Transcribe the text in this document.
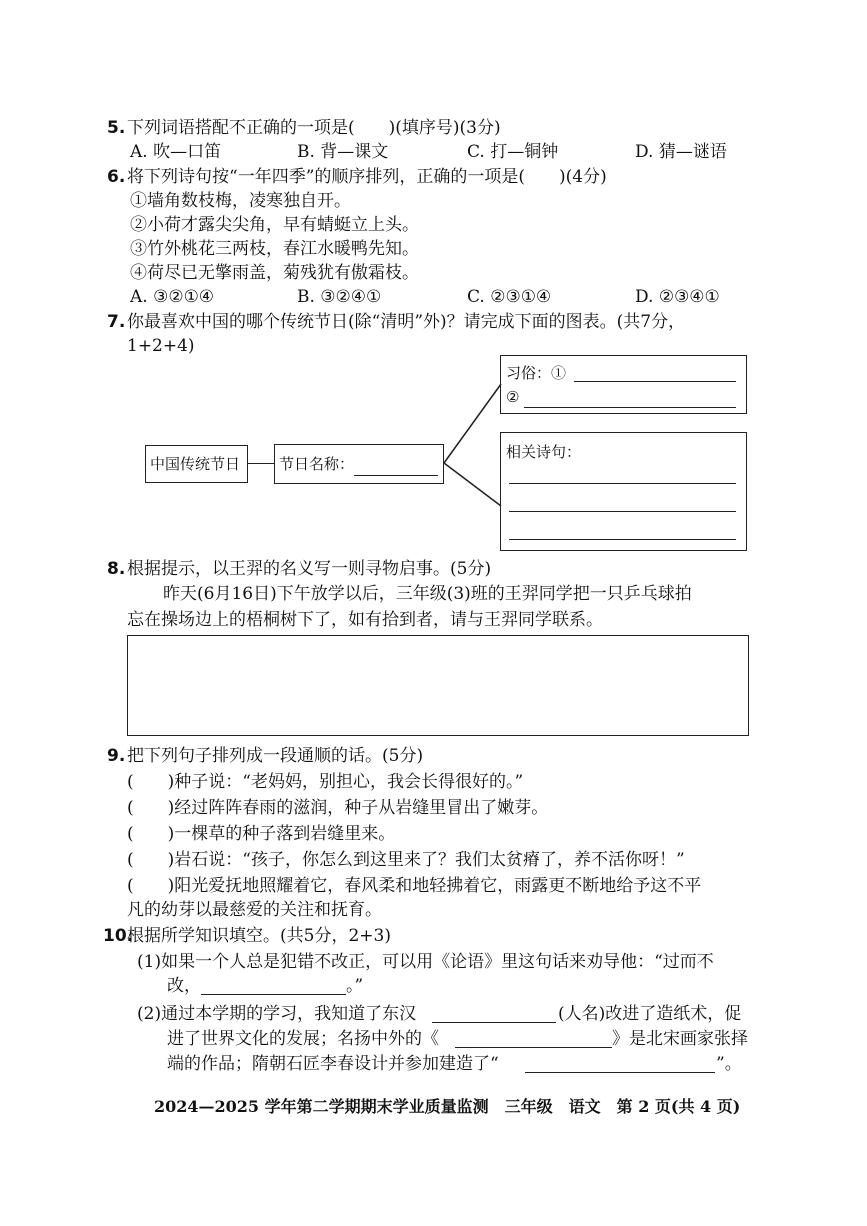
5. 下列词语搭配不正确的一项是(　　)(填序号)(3分)
A. 吹—口笛	B. 背—课文	C. 打—铜钟	D. 猜—谜语
6. 将下列诗句按“一年四季”的顺序排列，正确的一项是(　　)(4分)
①墙角数枝梅，凌寒独自开。
②小荷才露尖尖角，早有蜻蜓立上头。
③竹外桃花三两枝，春江水暖鸭先知。
④荷尽已无擎雨盖，菊残犹有傲霜枝。
A. ③②①④	B. ③②④①	C. ②③①④	D. ②③④①
7. 你最喜欢中国的哪个传统节日(除“清明”外)？请完成下面的图表。(共7分，
1+2+4)
中国传统节日	节日名称：
习俗：①
②
相关诗句：
8. 根据提示，以王羿的名义写一则寻物启事。(5分)
昨天(6月16日)下午放学以后，三年级(3)班的王羿同学把一只乒乓球拍
忘在操场边上的梧桐树下了，如有拾到者，请与王羿同学联系。
9. 把下列句子排列成一段通顺的话。(5分)
(　　)种子说：“老妈妈，别担心，我会长得很好的。”
(　　)经过阵阵春雨的滋润，种子从岩缝里冒出了嫩芽。
(　　)一棵草的种子落到岩缝里来。
(　　)岩石说：“孩子，你怎么到这里来了？我们太贫瘠了，养不活你呀！”
(　　)阳光爱抚地照耀着它，春风柔和地轻拂着它，雨露更不断地给予这不平
凡的幼芽以最慈爱的关注和抚育。
10.
根据所学知识填空。(共5分，2+3)
(1)如果一个人总是犯错不改正，可以用《论语》里这句话来劝导他：“过而不
改，	。”
(2)通过本学期的学习，我知道了东汉	(人名)改进了造纸术，促
进了世界文化的发展；名扬中外的《	》是北宋画家张择
端的作品；隋朝石匠李春设计并参加建造了“	”。
2024—2025 学年第二学期期末学业质量监测　三年级　语文　第 2 页(共 4 页)
